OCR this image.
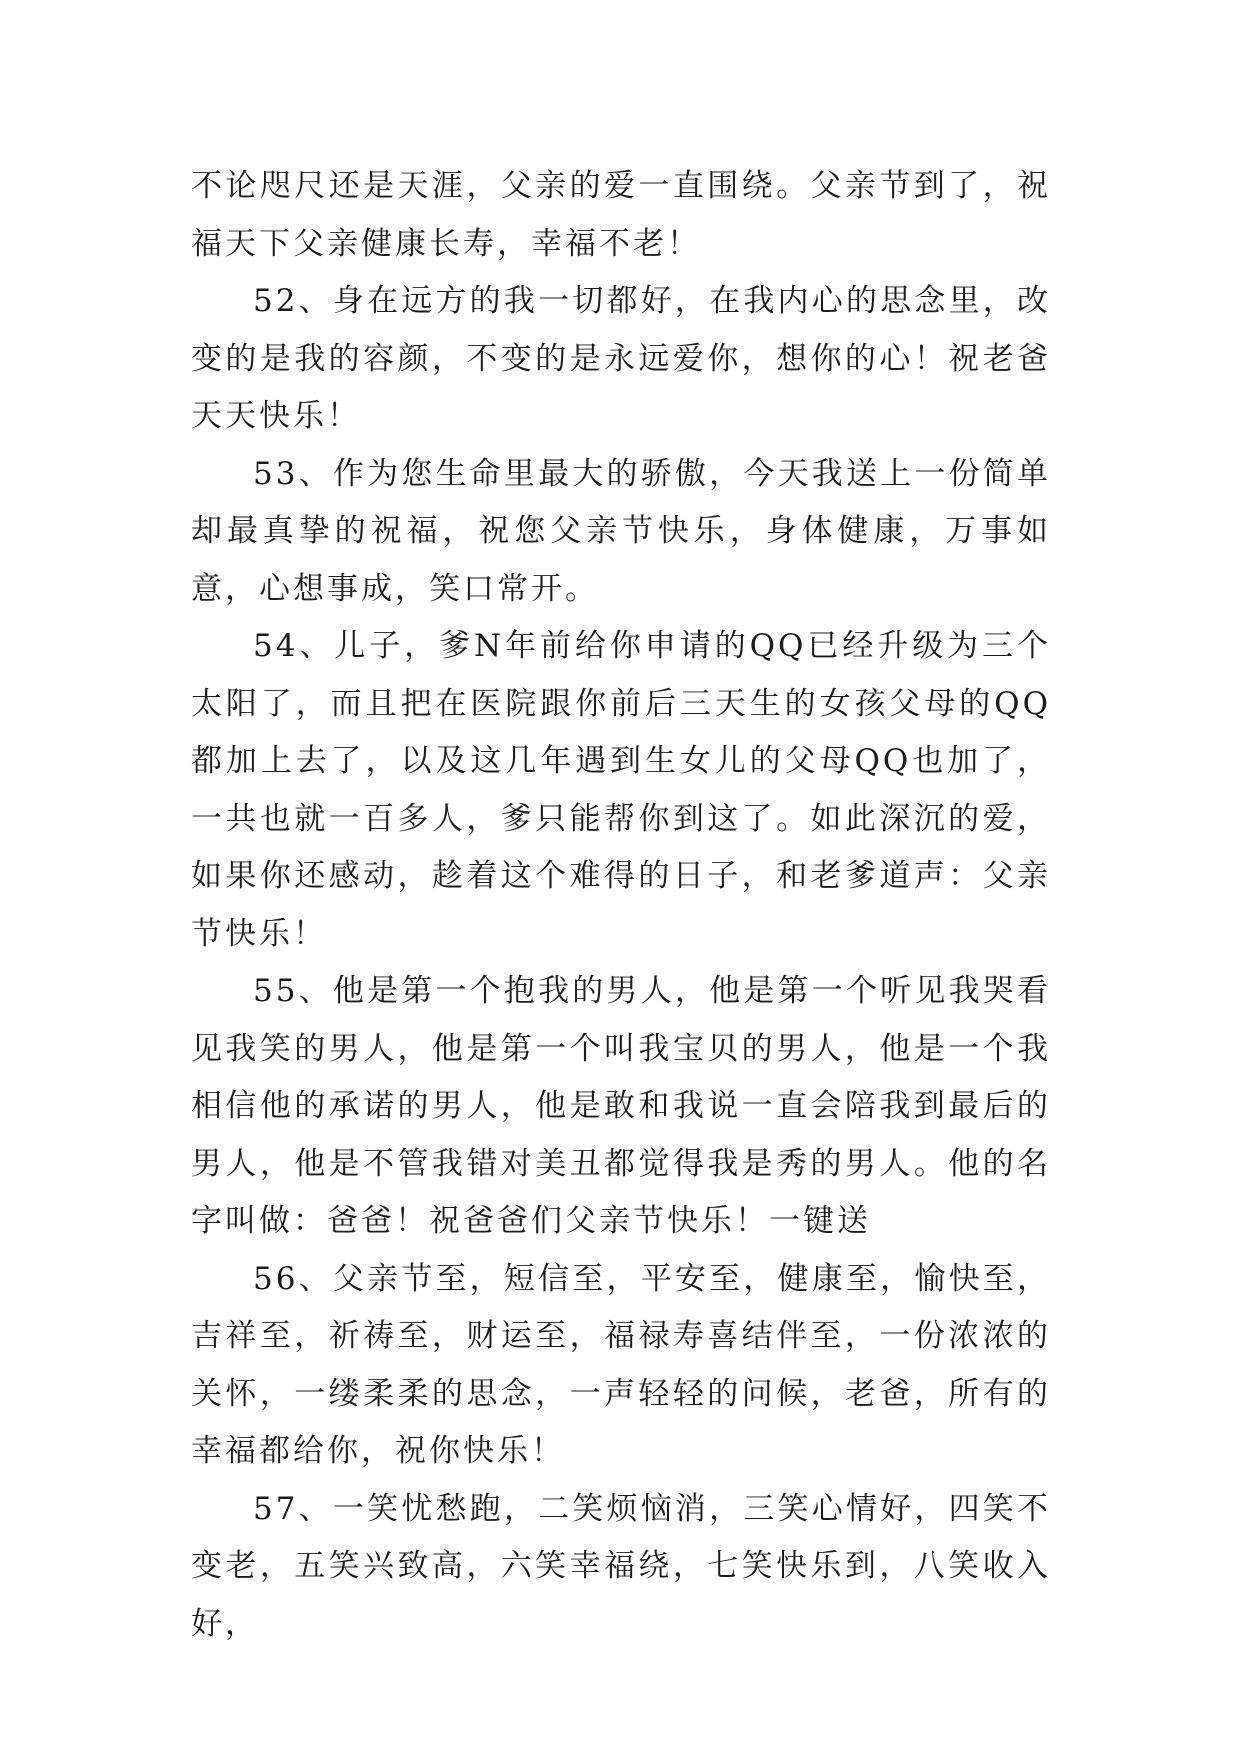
不论咫尺还是天涯，父亲的爱一直围绕。父亲节到了，祝福天下父亲健康长寿，幸福不老！

52、身在远方的我一切都好，在我内心的思念里，改变的是我的容颜，不变的是永远爱你，想你的心！祝老爸天天快乐！

53、作为您生命里最大的骄傲，今天我送上一份简单却最真挚的祝福，祝您父亲节快乐，身体健康，万事如意，心想事成，笑口常开。

54、儿子，爹N年前给你申请的QQ已经升级为三个太阳了，而且把在医院跟你前后三天生的女孩父母的QQ都加上去了，以及这几年遇到生女儿的父母QQ也加了，一共也就一百多人，爹只能帮你到这了。如此深沉的爱，如果你还感动，趁着这个难得的日子，和老爹道声：父亲节快乐！

55、他是第一个抱我的男人，他是第一个听见我哭看见我笑的男人，他是第一个叫我宝贝的男人，他是一个我相信他的承诺的男人，他是敢和我说一直会陪我到最后的男人，他是不管我错对美丑都觉得我是秀的男人。他的名字叫做：爸爸！祝爸爸们父亲节快乐！一键送

56、父亲节至，短信至，平安至，健康至，愉快至，吉祥至，祈祷至，财运至，福禄寿喜结伴至，一份浓浓的关怀，一缕柔柔的思念，一声轻轻的问候，老爸，所有的幸福都给你，祝你快乐！

57、一笑忧愁跑，二笑烦恼消，三笑心情好，四笑不变老，五笑兴致高，六笑幸福绕，七笑快乐到，八笑收入好，
